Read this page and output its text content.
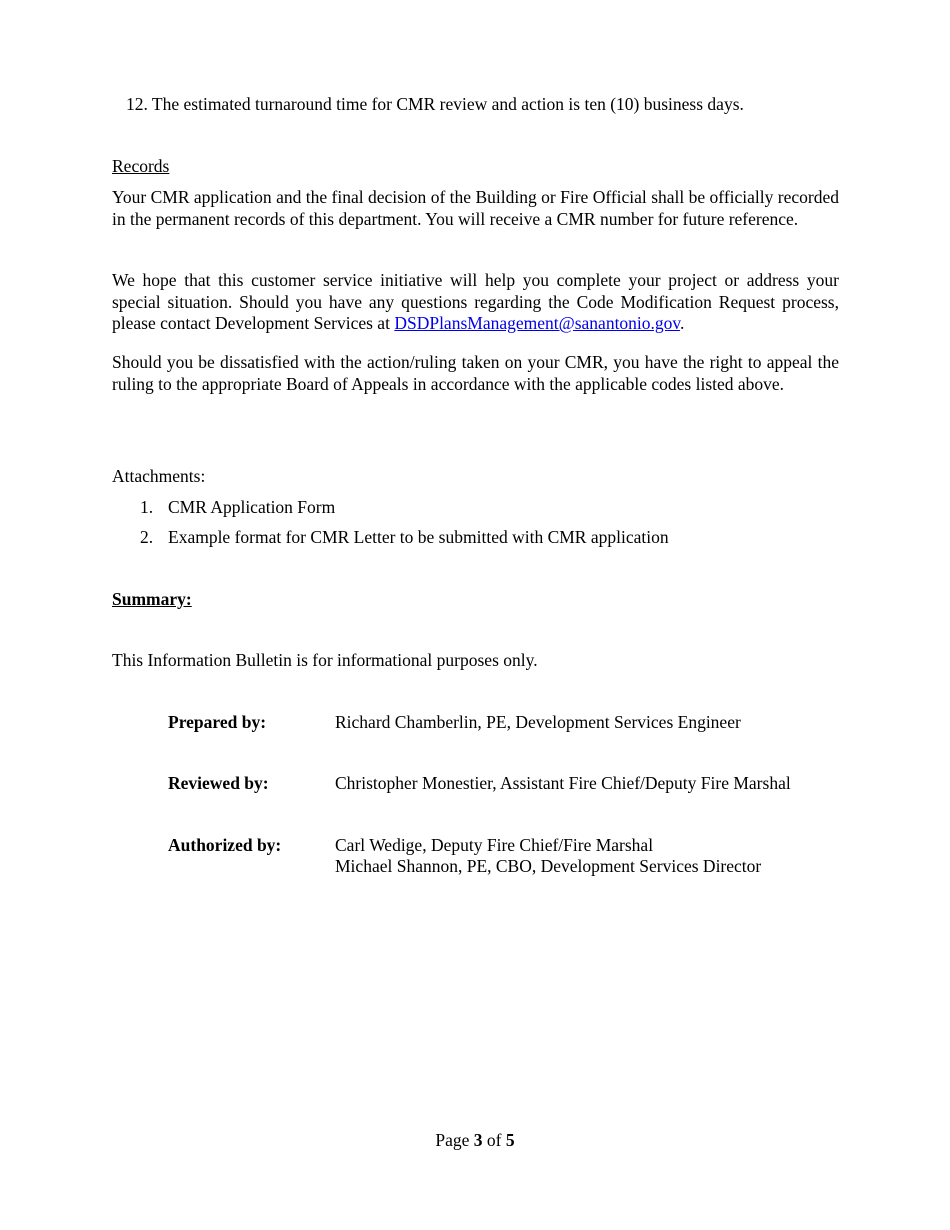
12. The estimated turnaround time for CMR review and action is ten (10) business days.
Records
Your CMR application and the final decision of the Building or Fire Official shall be officially recorded in the permanent records of this department. You will receive a CMR number for future reference.
We hope that this customer service initiative will help you complete your project or address your special situation. Should you have any questions regarding the Code Modification Request process, please contact Development Services at DSDPlansManagement@sanantonio.gov.
Should you be dissatisfied with the action/ruling taken on your CMR, you have the right to appeal the ruling to the appropriate Board of Appeals in accordance with the applicable codes listed above.
Attachments:
1. CMR Application Form
2. Example format for CMR Letter to be submitted with CMR application
Summary:
This Information Bulletin is for informational purposes only.
Prepared by:	Richard Chamberlin, PE, Development Services Engineer
Reviewed by:	Christopher Monestier, Assistant Fire Chief/Deputy Fire Marshal
Authorized by:	Carl Wedige, Deputy Fire Chief/Fire Marshal
Michael Shannon, PE, CBO, Development Services Director
Page 3 of 5
